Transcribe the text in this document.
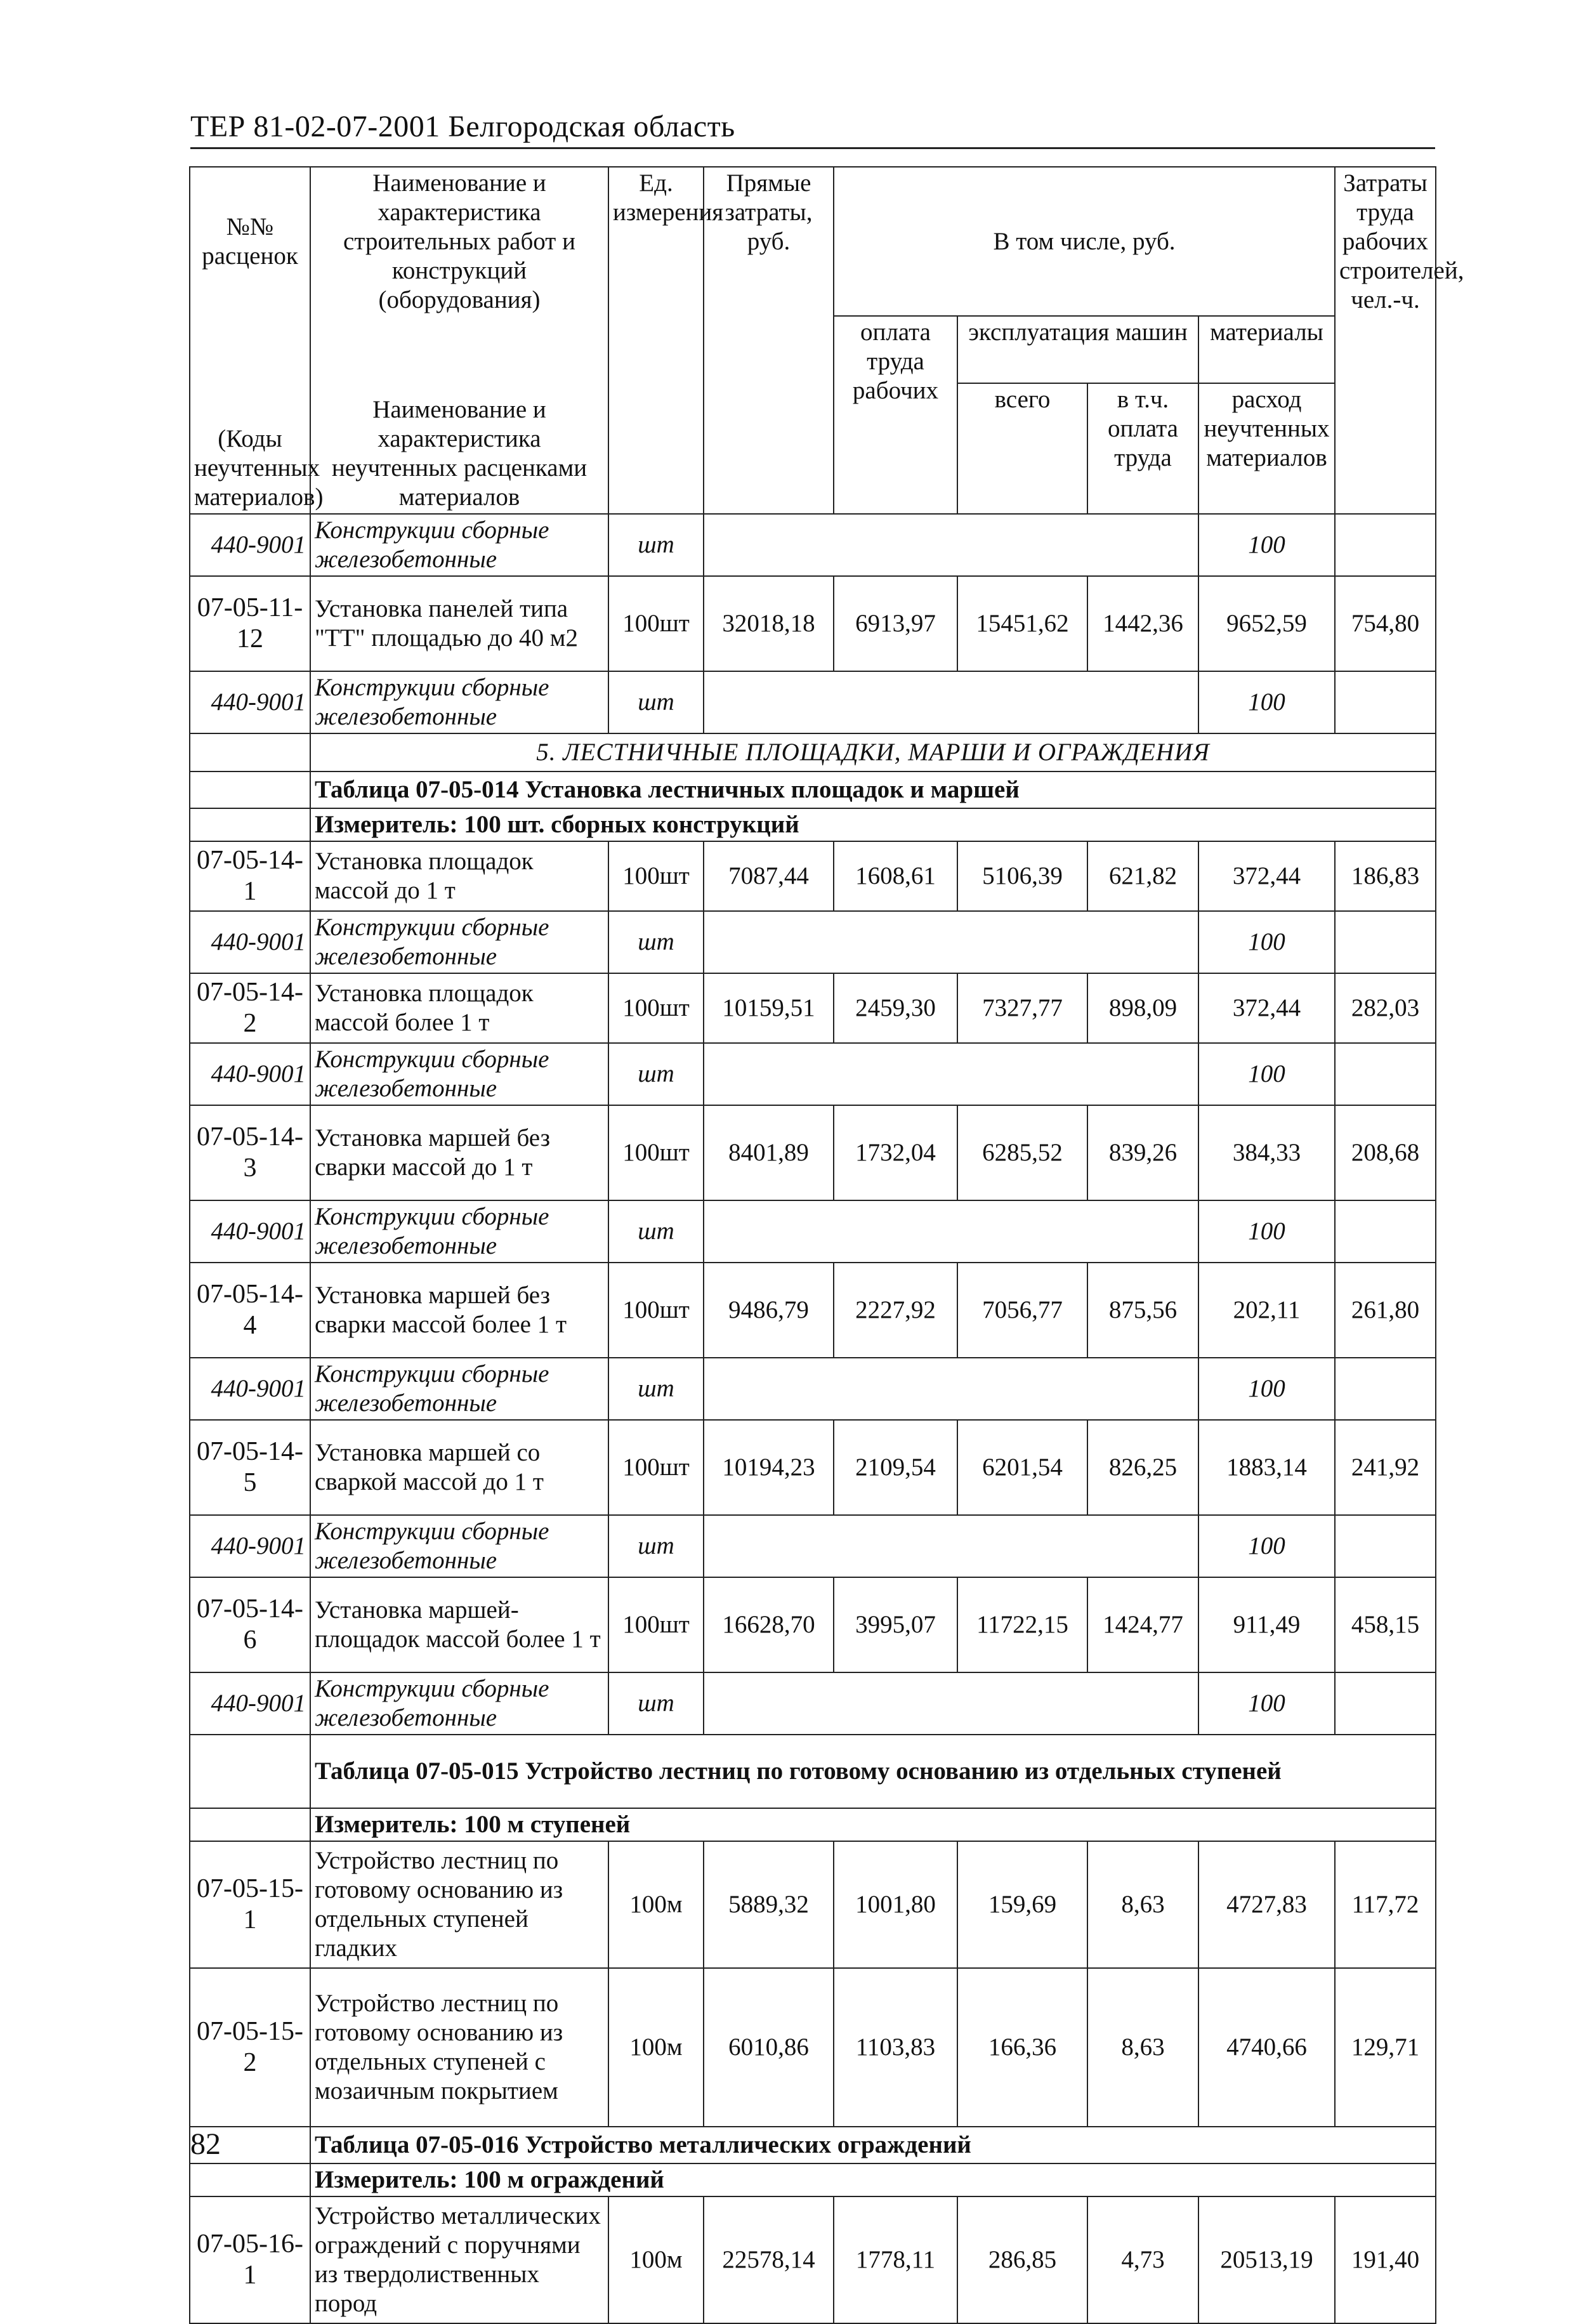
ТЕР 81-02-07-2001 Белгородская область
№№ расценок	Наименование и характеристика строительных работ и конструкций (оборудования)	Ед. измерения	Прямые затраты, руб.	В том числе, руб.				Затраты труда рабочих строителей, чел.-ч.
(Коды неучтенных материалов)	Наименование и характеристика неучтенных расценками материалов			оплата труда рабочих	эксплуатация машин		материалы	
					всего	в т.ч. оплата труда	расход неучтенных материалов	
440-9001	Конструкции сборные железобетонные	шт					100	
07-05-11-12	Установка панелей типа "ТТ" площадью до 40 м2	100шт	32018,18	6913,97	15451,62	1442,36	9652,59	754,80
440-9001	Конструкции сборные железобетонные	шт					100	
	5. ЛЕСТНИЧНЫЕ ПЛОЩАДКИ, МАРШИ И ОГРАЖДЕНИЯ							
	Таблица 07-05-014 Установка лестничных площадок и маршей							
	Измеритель: 100 шт. сборных конструкций							
07-05-14-1	Установка площадок массой до 1 т	100шт	7087,44	1608,61	5106,39	621,82	372,44	186,83
440-9001	Конструкции сборные железобетонные	шт					100	
07-05-14-2	Установка площадок массой более 1 т	100шт	10159,51	2459,30	7327,77	898,09	372,44	282,03
440-9001	Конструкции сборные железобетонные	шт					100	
07-05-14-3	Установка маршей без сварки массой до 1 т	100шт	8401,89	1732,04	6285,52	839,26	384,33	208,68
440-9001	Конструкции сборные железобетонные	шт					100	
07-05-14-4	Установка маршей без сварки массой более 1 т	100шт	9486,79	2227,92	7056,77	875,56	202,11	261,80
440-9001	Конструкции сборные железобетонные	шт					100	
07-05-14-5	Установка маршей со сваркой массой до 1 т	100шт	10194,23	2109,54	6201,54	826,25	1883,14	241,92
440-9001	Конструкции сборные железобетонные	шт					100	
07-05-14-6	Установка маршей-площадок массой более 1 т	100шт	16628,70	3995,07	11722,15	1424,77	911,49	458,15
440-9001	Конструкции сборные железобетонные	шт					100	
	Таблица 07-05-015 Устройство лестниц по готовому основанию из отдельных ступеней							
	Измеритель: 100 м ступеней							
07-05-15-1	Устройство лестниц по готовому основанию из отдельных ступеней гладких	100м	5889,32	1001,80	159,69	8,63	4727,83	117,72
07-05-15-2	Устройство лестниц по готовому основанию из отдельных ступеней с мозаичным покрытием	100м	6010,86	1103,83	166,36	8,63	4740,66	129,71
	Таблица 07-05-016 Устройство металлических ограждений							
	Измеритель: 100 м ограждений							
07-05-16-1	Устройство металлических ограждений с поручнями из твердолиственных пород	100м	22578,14	1778,11	286,85	4,73	20513,19	191,40
82
